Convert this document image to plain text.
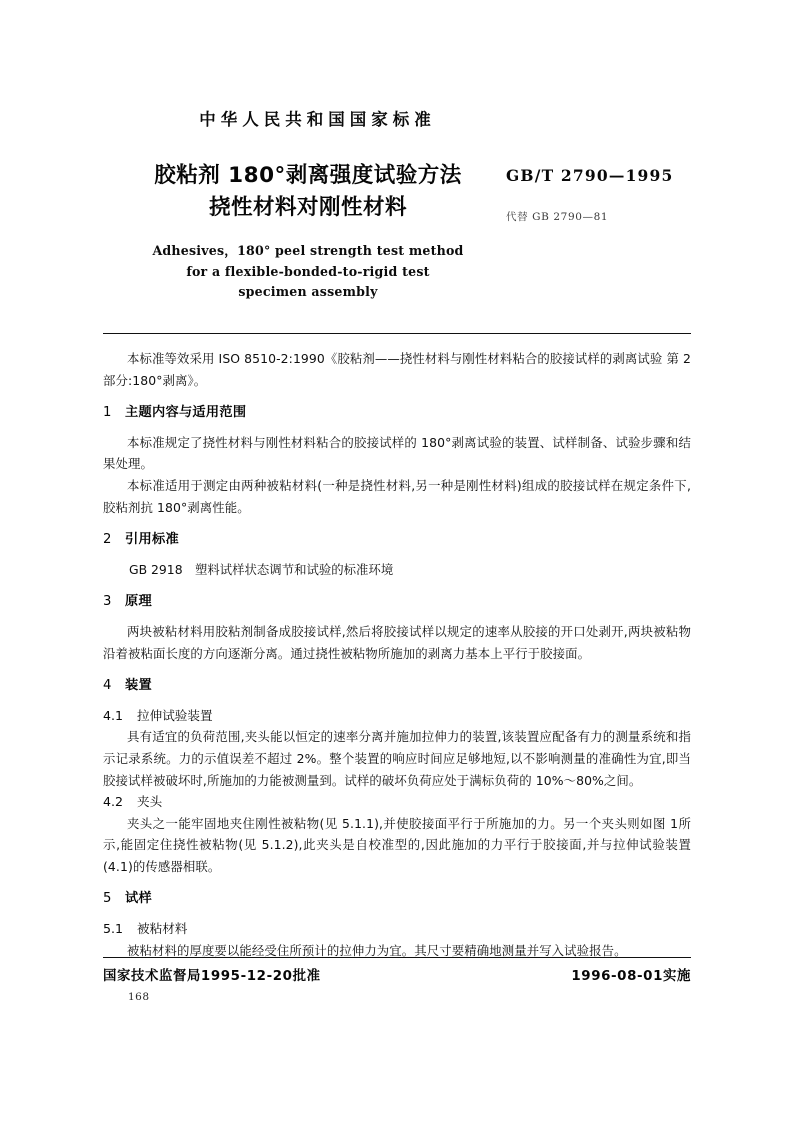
中华人民共和国国家标准
胶粘剂 180°剥离强度试验方法
挠性材料对刚性材料
Adhesives，180° peel strength test method
for a flexible-bonded-to-rigid test
specimen assembly
GB/T 2790—1995
代替 GB 2790—81

本标准等效采用 ISO 8510-2:1990《胶粘剂——挠性材料与刚性材料粘合的胶接试样的剥离试验 第 2 部分:180°剥离》。

1 主题内容与适用范围

本标准规定了挠性材料与刚性材料粘合的胶接试样的 180°剥离试验的装置、试样制备、试验步骤和结果处理。

本标准适用于测定由两种被粘材料(一种是挠性材料,另一种是刚性材料)组成的胶接试样在规定条件下,胶粘剂抗 180°剥离性能。

2 引用标准

GB 2918　塑料试样状态调节和试验的标准环境

3 原理

两块被粘材料用胶粘剂制备成胶接试样,然后将胶接试样以规定的速率从胶接的开口处剥开,两块被粘物沿着被粘面长度的方向逐渐分离。通过挠性被粘物所施加的剥离力基本上平行于胶接面。

4 装置
4.1 拉伸试验装置

具有适宜的负荷范围,夹头能以恒定的速率分离并施加拉伸力的装置,该装置应配备有力的测量系统和指示记录系统。力的示值误差不超过 2%。整个装置的响应时间应足够地短,以不影响测量的准确性为宜,即当胶接试样被破坏时,所施加的力能被测量到。试样的破坏负荷应处于满标负荷的 10%～80%之间。

4.2 夹头

夹头之一能牢固地夹住刚性被粘物(见 5.1.1),并使胶接面平行于所施加的力。另一个夹头则如图 1所示,能固定住挠性被粘物(见 5.1.2),此夹头是自校准型的,因此施加的力平行于胶接面,并与拉伸试验装置(4.1)的传感器相联。

5 试样
5.1 被粘材料

被粘材料的厚度要以能经受住所预计的拉伸力为宜。其尺寸要精确地测量并写入试验报告。

国家技术监督局1995-12-20批准	1996-08-01实施
168
